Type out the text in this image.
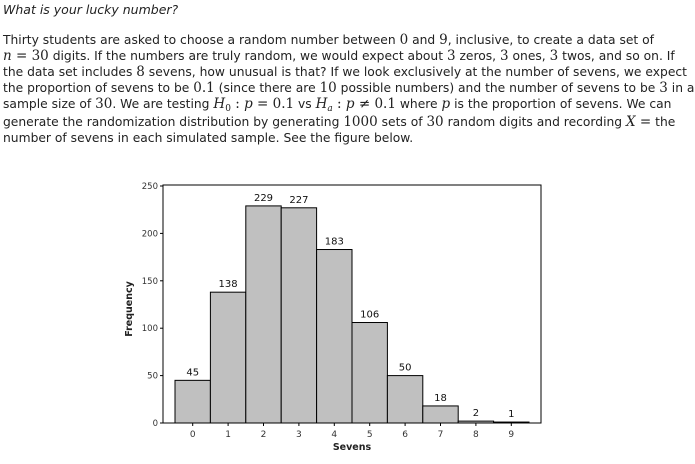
What is your lucky number?
Thirty students are asked to choose a random number between 0 and 9, inclusive, to create a data set of
n = 30 digits. If the numbers are truly random, we would expect about 3 zeros, 3 ones, 3 twos, and so on. If
the data set includes 8 sevens, how unusual is that? If we look exclusively at the number of sevens, we expect
the proportion of sevens to be 0.1 (since there are 10 possible numbers) and the number of sevens to be 3 in a
sample size of 30. We are testing $H_0$ : p = 0.1 vs $H_a$ : p ≠ 0.1 where p is the proportion of sevens. We can
generate the randomization distribution by generating 1000 sets of 30 random digits and recording X = the
number of sevens in each simulated sample. See the figure below.
0
50
100
150
200
250
45
0
138
1
229
2
227
3
183
4
106
5
50
6
18
7
2
8
1
9
Sevens
Frequency
